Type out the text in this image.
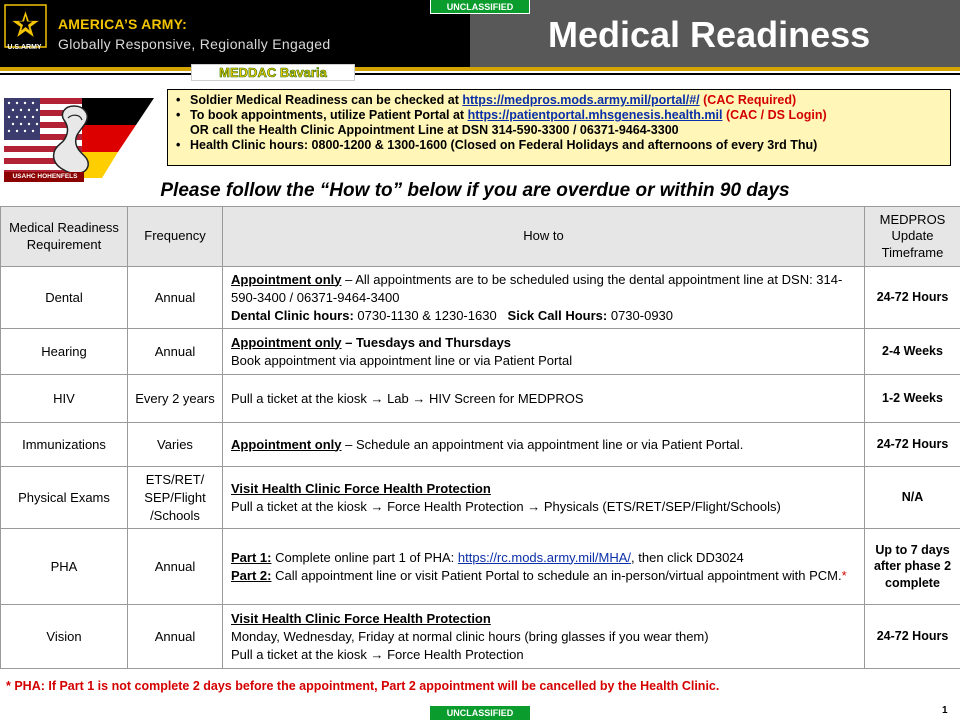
U.S.ARMY
AMERICA’S ARMY:
Globally Responsive, Regionally Engaged	Medical Readiness
UNCLASSIFIED
MEDDAC Bavaria
USAHC HOHENFELS
• Soldier Medical Readiness can be checked at https://medpros.mods.army.mil/portal/#/ (CAC Required)
• To book appointments, utilize Patient Portal at https://patientportal.mhsgenesis.health.mil (CAC / DS Login)
OR call the Health Clinic Appointment Line at DSN 314-590-3300 / 06371-9464-3300
• Health Clinic hours: 0800-1200 & 1300-1600 (Closed on Federal Holidays and afternoons of every 3rd Thu)
Please follow the “How to” below if you are overdue or within 90 days
Medical Readiness Requirement	Frequency	How to	MEDPROS Update Timeframe
Dental	Annual	Appointment only – All appointments are to be scheduled using the dental appointment line at DSN: 314-590-3400 / 06371-9464-3400
Dental Clinic hours: 0730-1130 & 1230-1630 Sick Call Hours: 0730-0930	24-72 Hours
Hearing	Annual	Appointment only – Tuesdays and Thursdays
Book appointment via appointment line or via Patient Portal	2-4 Weeks
HIV	Every 2 years	Pull a ticket at the kiosk → Lab → HIV Screen for MEDPROS	1-2 Weeks
Immunizations	Varies	Appointment only – Schedule an appointment via appointment line or via Patient Portal.	24-72 Hours
Physical Exams	ETS/RET/ SEP/Flight /Schools	Visit Health Clinic Force Health Protection
Pull a ticket at the kiosk → Force Health Protection → Physicals (ETS/RET/SEP/Flight/Schools)	N/A
PHA	Annual	Part 1: Complete online part 1 of PHA: https://rc.mods.army.mil/MHA/, then click DD3024
Part 2: Call appointment line or visit Patient Portal to schedule an in-person/virtual appointment with PCM.*	Up to 7 days after phase 2 complete
Vision	Annual	Visit Health Clinic Force Health Protection
Monday, Wednesday, Friday at normal clinic hours (bring glasses if you wear them)
Pull a ticket at the kiosk → Force Health Protection	24-72 Hours
* PHA: If Part 1 is not complete 2 days before the appointment, Part 2 appointment will be cancelled by the Health Clinic.
UNCLASSIFIED	1
